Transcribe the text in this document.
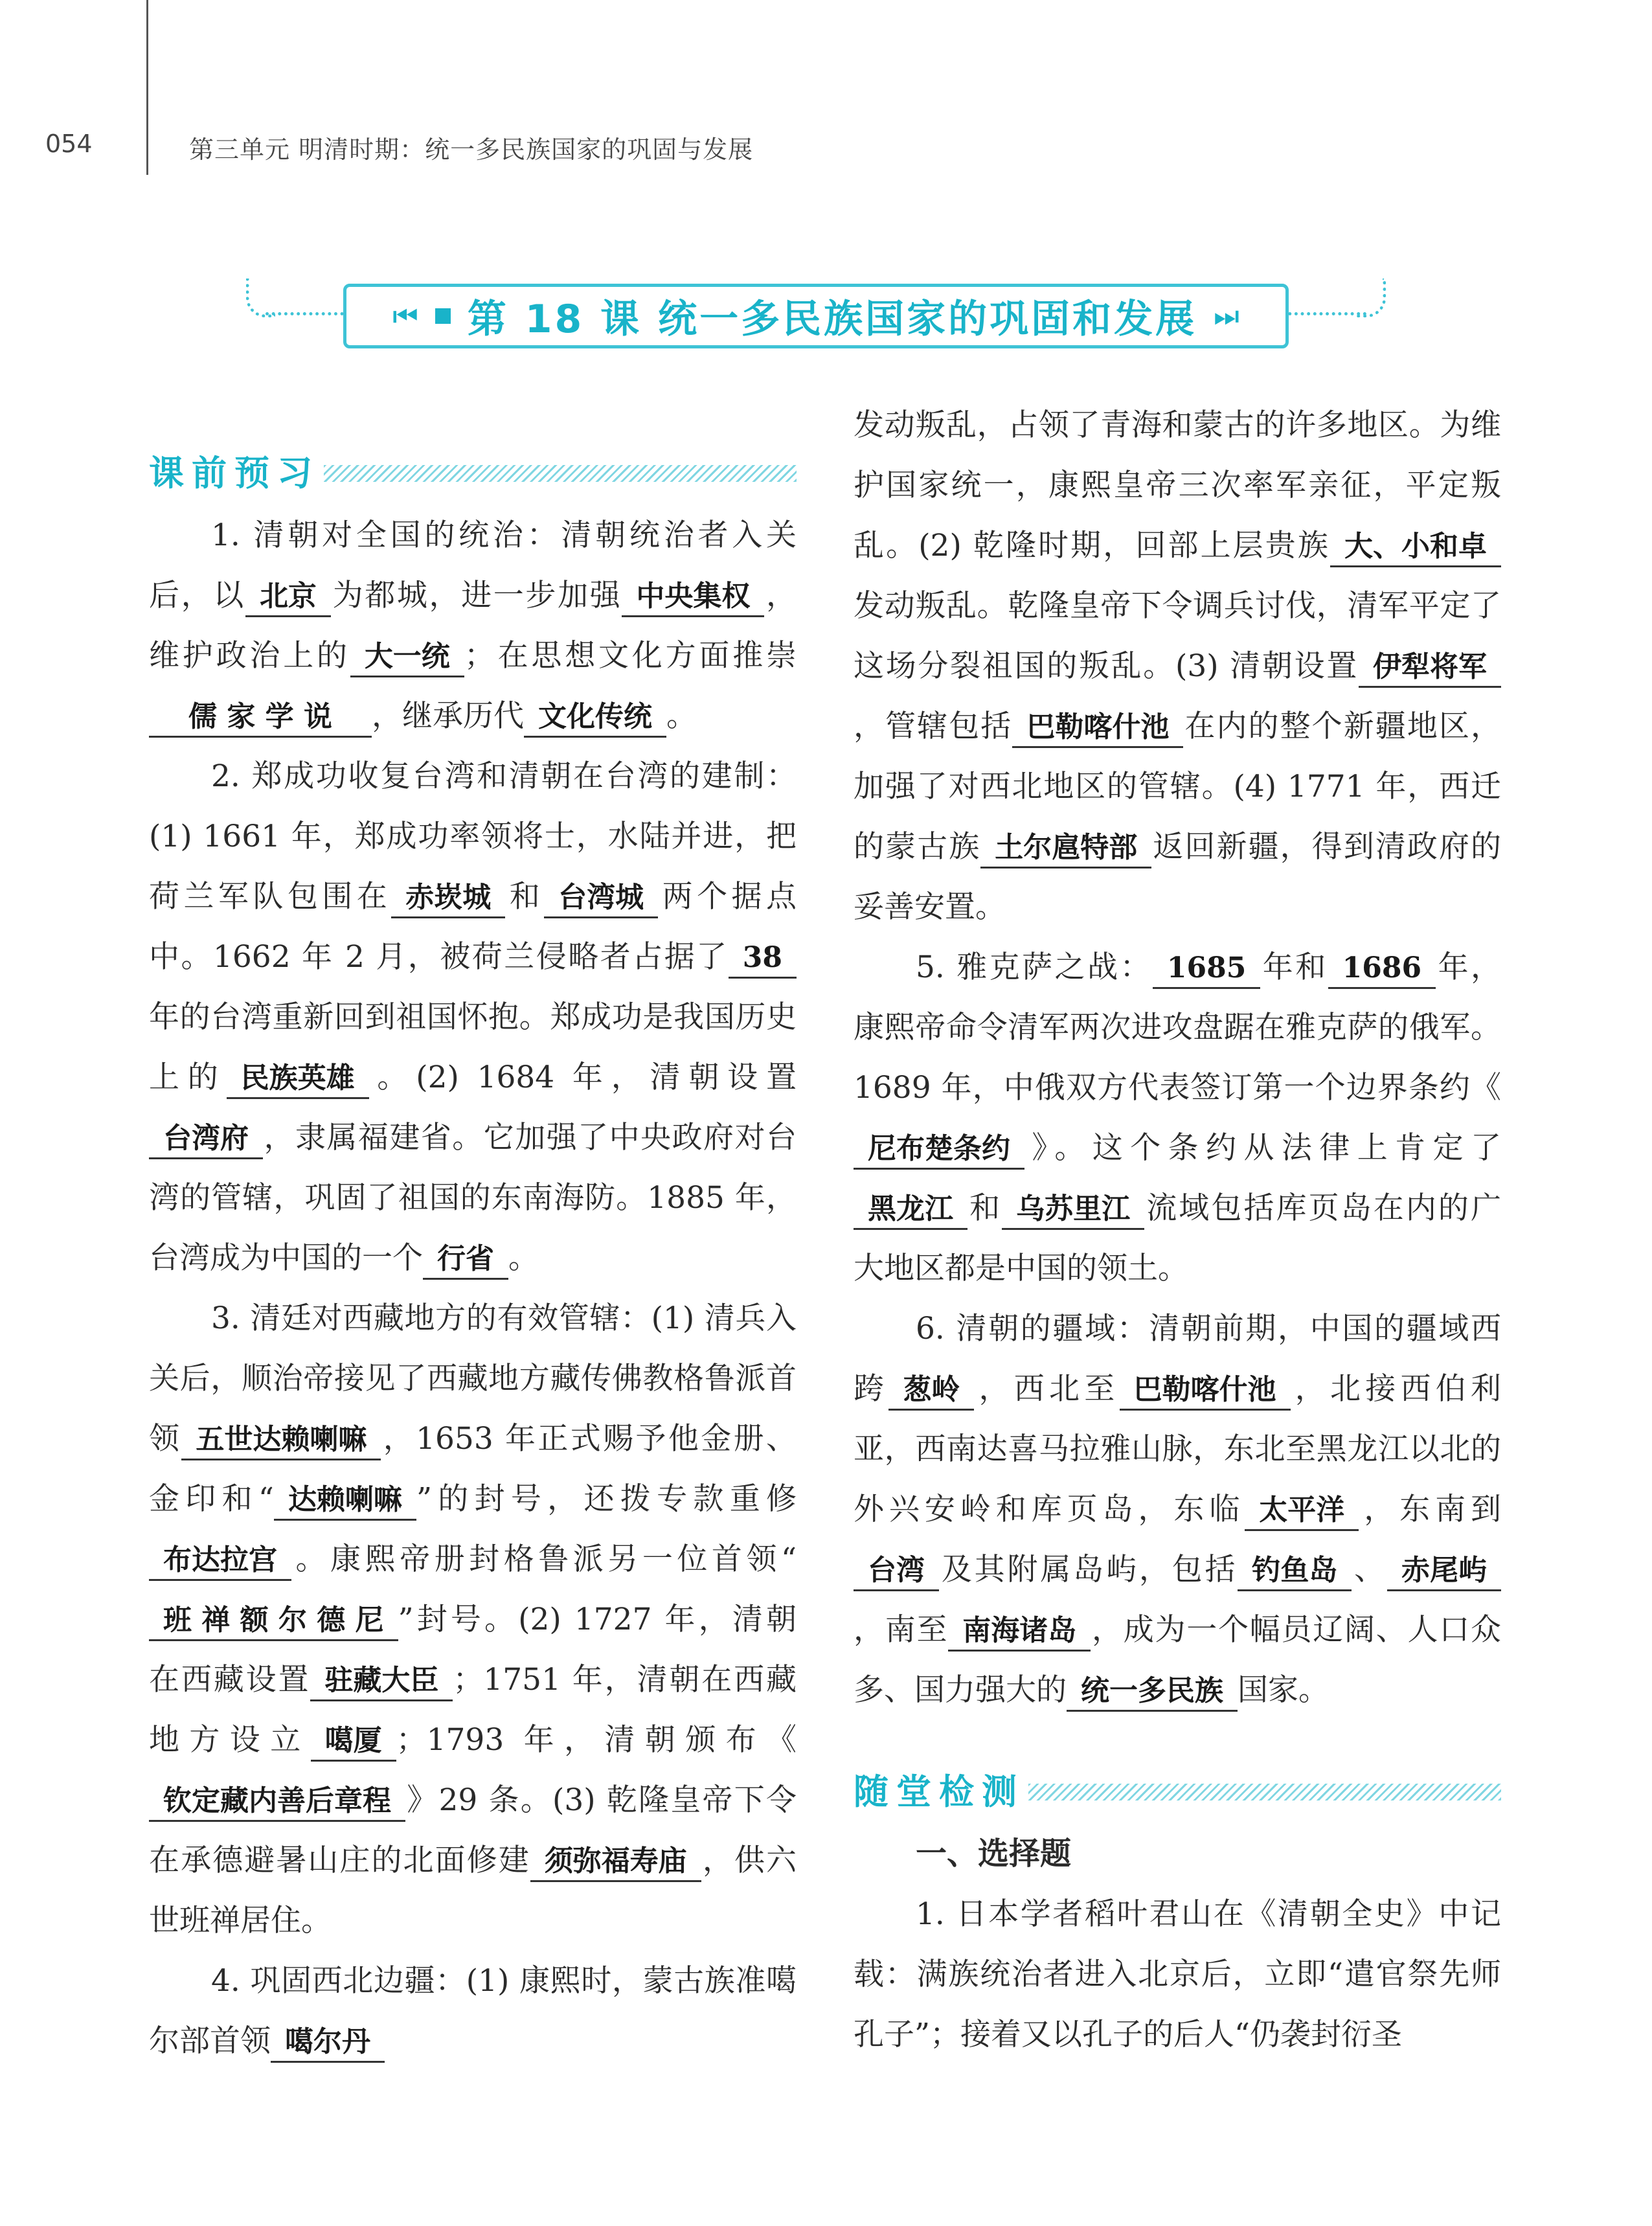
054	第三单元 明清时期：统一多民族国家的巩固与发展
⏮ 第 18 课 统一多民族国家的巩固和发展 ⏭
课前预习

1. 清朝对全国的统治：清朝统治者入关后，以 北京 为都城，进一步加强 中央集权 ，维护政治上的 大一统 ；在思想文化方面推崇儒 家 学 说 ，继承历代 文化传统 。

2. 郑成功收复台湾和清朝在台湾的建制：(1) 1661 年，郑成功率领将士，水陆并进，把荷兰军队包围在 赤崁城 和 台湾城 两个据点中。1662 年 2 月，被荷兰侵略者占据了 38年的台湾重新回到祖国怀抱。郑成功是我国历史上的 民族英雄 。(2) 1684 年，清朝设置台湾府 ，隶属福建省。它加强了中央政府对台湾的管辖，巩固了祖国的东南海防。1885 年，台湾成为中国的一个 行省 。

3. 清廷对西藏地方的有效管辖：(1) 清兵入关后，顺治帝接见了西藏地方藏传佛教格鲁派首领 五世达赖喇嘛 ，1653 年正式赐予他金册、金印和“ 达赖喇嘛 ”的封号，还拨专款重修布达拉宫 。康熙帝册封格鲁派另一位首领“班 禅 额 尔 德 尼 ”封号。(2) 1727 年，清朝在西藏设置 驻藏大臣 ；1751 年，清朝在西藏地方设立 噶厦 ；1793 年，清朝颁布《钦定藏内善后章程 》29 条。(3) 乾隆皇帝下令在承德避暑山庄的北面修建 须弥福寿庙 ，供六世班禅居住。

4. 巩固西北边疆：(1) 康熙时，蒙古族准噶尔部首领 噶尔丹

发动叛乱，占领了青海和蒙古的许多地区。为维护国家统一，康熙皇帝三次率军亲征，平定叛乱。(2) 乾隆时期，回部上层贵族 大、小和卓发动叛乱。乾隆皇帝下令调兵讨伐，清军平定了这场分裂祖国的叛乱。(3) 清朝设置 伊犁将军，管辖包括 巴勒喀什池 在内的整个新疆地区，加强了对西北地区的管辖。(4) 1771 年，西迁的蒙古族 土尔扈特部 返回新疆，得到清政府的妥善安置。

5. 雅克萨之战： 1685 年和 1686 年，康熙帝命令清军两次进攻盘踞在雅克萨的俄军。1689 年，中俄双方代表签订第一个边界条约《尼布楚条约 》。这个条约从法律上肯定了黑龙江 和 乌苏里江 流域包括库页岛在内的广大地区都是中国的领土。

6. 清朝的疆域：清朝前期，中国的疆域西跨 葱岭 ，西北至 巴勒喀什池 ，北接西伯利亚，西南达喜马拉雅山脉，东北至黑龙江以北的外兴安岭和库页岛，东临 太平洋 ，东南到台湾 及其附属岛屿，包括 钓鱼岛 、 赤尾屿，南至 南海诸岛 ，成为一个幅员辽阔、人口众多、国力强大的 统一多民族 国家。

随堂检测

一、选择题

1. 日本学者稻叶君山在《清朝全史》中记载：满族统治者进入北京后，立即“遣官祭先师孔子”；接着又以孔子的后人“仍袭封衍圣
